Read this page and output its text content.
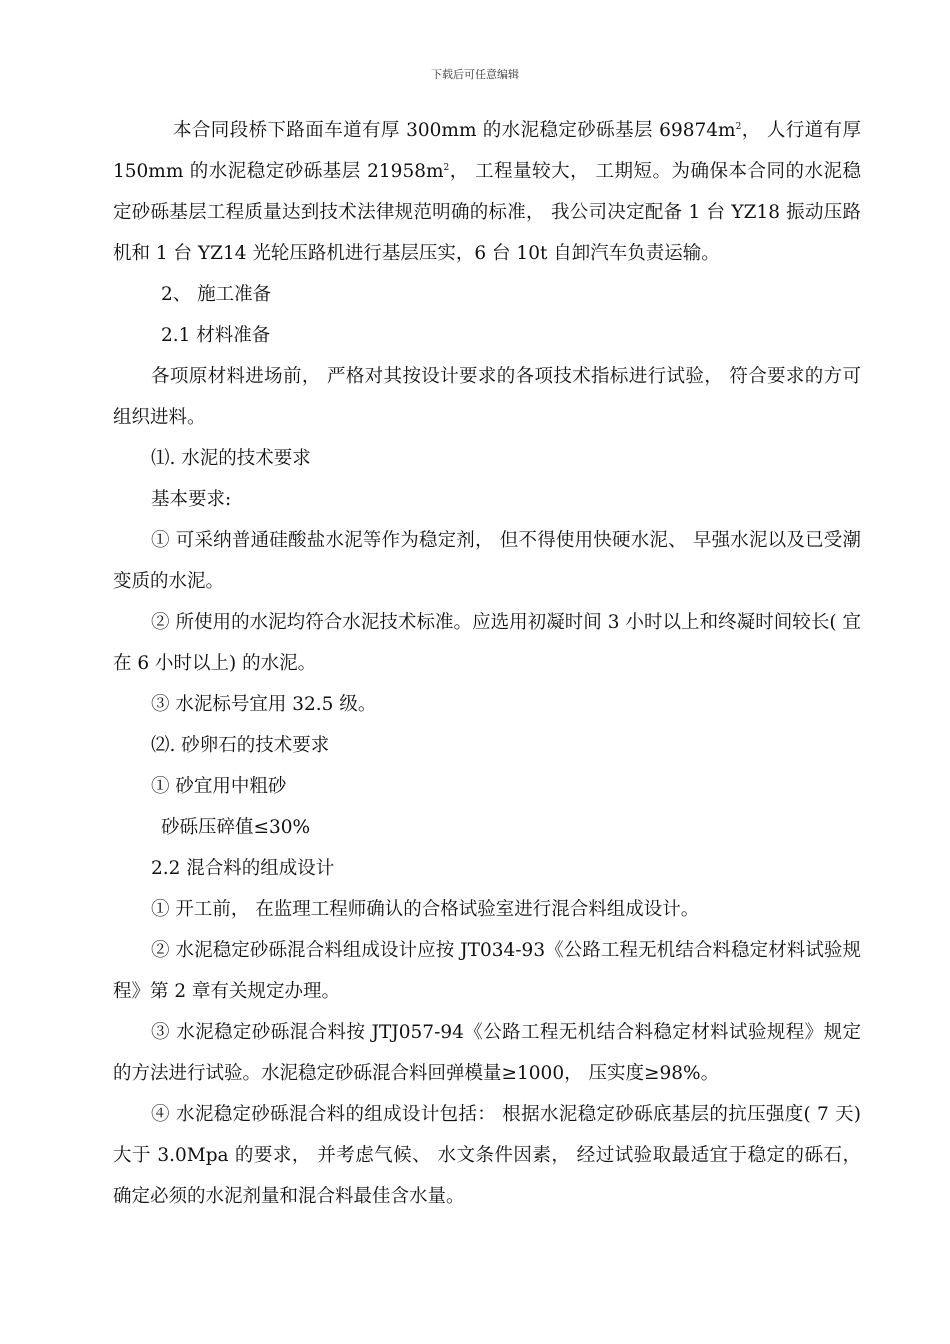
下载后可任意编辑

本合同段桥下路面车道有厚 300mm 的水泥稳定砂砾基层 $69874m^2$， 人行道有厚 150mm 的水泥稳定砂砾基层 $21958m^2$， 工程量较大， 工期短。为确保本合同的水泥稳定砂砾基层工程质量达到技术法律规范明确的标准， 我公司决定配备 1 台 YZ18 振动压路机和 1 台 YZ14 光轮压路机进行基层压实，6 台 10t 自卸汽车负责运输。

2、 施工准备

2.1 材料准备

各项原材料进场前， 严格对其按设计要求的各项技术指标进行试验， 符合要求的方可组织进料。

⑴. 水泥的技术要求

基本要求:

① 可采纳普通硅酸盐水泥等作为稳定剂， 但不得使用快硬水泥、 早强水泥以及已受潮变质的水泥。

② 所使用的水泥均符合水泥技术标准。应选用初凝时间 3 小时以上和终凝时间较长( 宜在 6 小时以上) 的水泥。

③ 水泥标号宜用 32.5 级。

⑵. 砂卵石的技术要求

① 砂宜用中粗砂

砂砾压碎值≤30%

2.2 混合料的组成设计

① 开工前， 在监理工程师确认的合格试验室进行混合料组成设计。

② 水泥稳定砂砾混合料组成设计应按 JT034-93《公路工程无机结合料稳定材料试验规程》第 2 章有关规定办理。

③ 水泥稳定砂砾混合料按 JTJ057-94《公路工程无机结合料稳定材料试验规程》规定的方法进行试验。水泥稳定砂砾混合料回弹模量≥1000， 压实度≥98%。

④ 水泥稳定砂砾混合料的组成设计包括： 根据水泥稳定砂砾底基层的抗压强度( 7 天) 大于 3.0Mpa 的要求， 并考虑气候、 水文条件因素， 经过试验取最适宜于稳定的砾石， 确定必须的水泥剂量和混合料最佳含水量。
